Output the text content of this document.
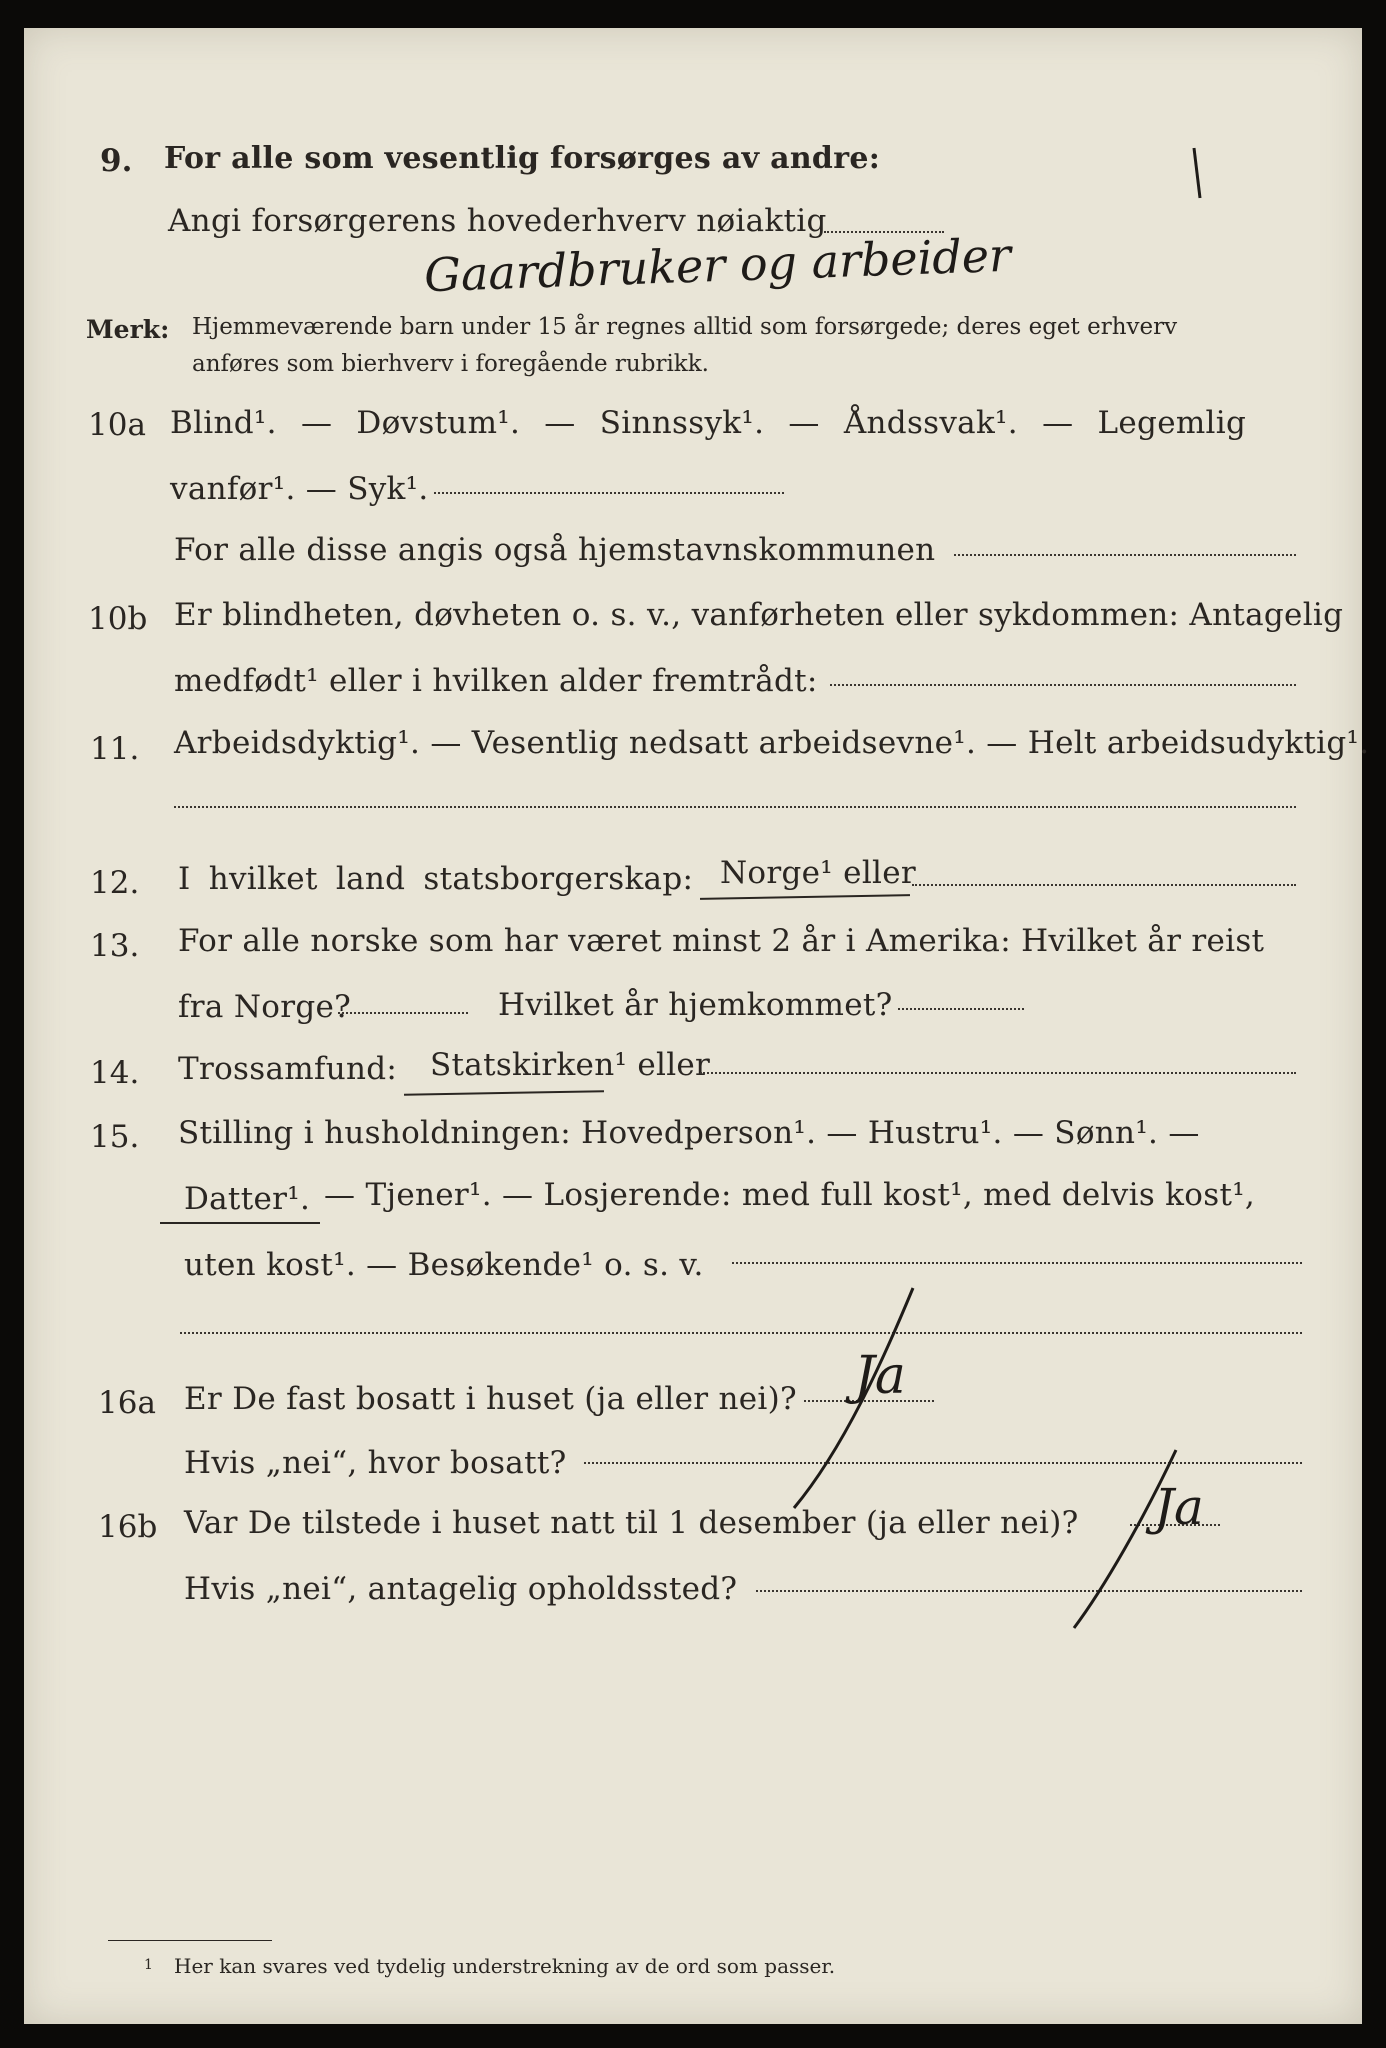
9. For alle som vesentlig forsørges av andre:
Angi forsørgerens hovederhverv nøiaktig
Gaardbruker og arbeider
Merk: Hjemmeværende barn under 15 år regnes alltid som forsørgede; deres eget erhverv
anføres som bierhverv i foregående rubrikk.
10a Blind¹. — Døvstum¹. — Sinnssyk¹. — Åndssvak¹. — Legemlig
vanfør¹. — Syk¹.
For alle disse angis også hjemstavnskommunen
10b Er blindheten, døvheten o. s. v., vanførheten eller sykdommen: Antagelig
medfødt¹ eller i hvilken alder fremtrådt:
11. Arbeidsdyktig¹. — Vesentlig nedsatt arbeidsevne¹. — Helt arbeidsudyktig¹.
12. I hvilket land statsborgerskap: Norge¹ eller
13. For alle norske som har været minst 2 år i Amerika: Hvilket år reist
fra Norge?	Hvilket år hjemkommet?
14. Trossamfund: Statskirken¹ eller
15. Stilling i husholdningen: Hovedperson¹. — Hustru¹. — Sønn¹. —
Datter¹. — Tjener¹. — Losjerende: med full kost¹, med delvis kost¹,
uten kost¹. — Besøkende¹ o. s. v.
16a Er De fast bosatt i huset (ja eller nei)? Ja
Hvis „nei“, hvor bosatt?
16b Var De tilstede i huset natt til 1 desember (ja eller nei)? Ja
Hvis „nei“, antagelig opholdssted?
1 Her kan svares ved tydelig understrekning av de ord som passer.
